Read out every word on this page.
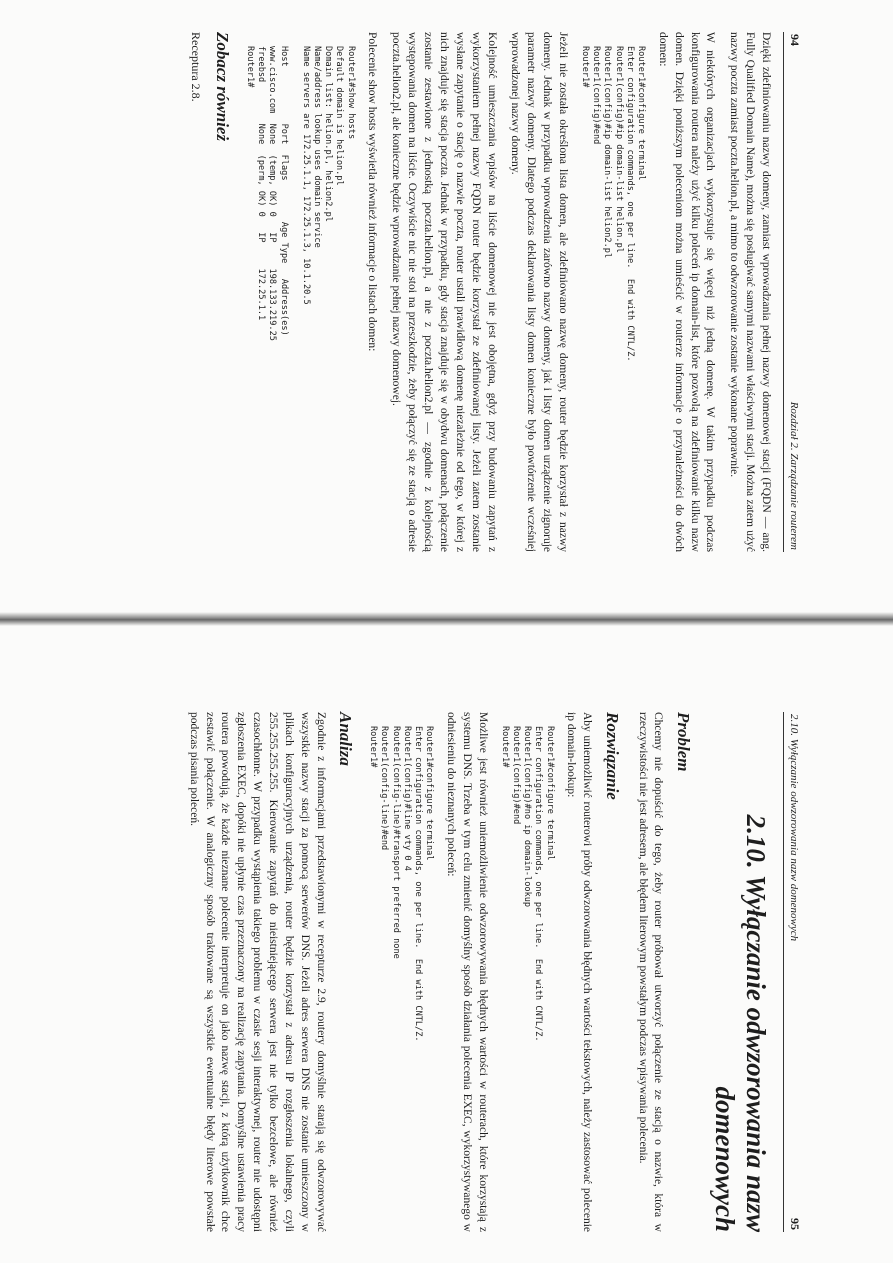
94
Rozdział 2. Zarządzanie routerem

Dzięki zdefiniowaniu nazwy domeny, zamiast wprowadzania pełnej nazwy domenowej stacji (FQDN — ang. Fully Qualified Domain Name), można się posługiwać samymi nazwami właściwymi stacji. Można zatem użyć nazwy poczta zamiast poczta.helion.pl, a mimo to odwzorowanie zostanie wykonane poprawnie.

W niektórych organizacjach wykorzystuje się więcej niż jedną domenę. W takim przypadku podczas konfigurowania routera należy użyć kilku poleceń ip domain-list, które pozwolą na zdefiniowanie kilku nazw domen. Dzięki poniższym poleceniom można umieścić w routerze informacje o przynależności do dwóch domen:

Router1#configure terminal
Enter configuration commands, one per line.  End with CNTL/Z.
Router1(config)#ip domain-list helion.pl
Router1(config)#ip domain-list helion2.pl
Router1(config)#end
Router1#

Jeżeli nie została określona lista domen, ale zdefiniowano nazwę domeny, router będzie korzystał z nazwy domeny. Jednak w przypadku wprowadzenia zarówno nazwy domeny, jak i listy domen urządzenie zignoruje parametr nazwy domeny. Dlatego podczas deklarowania listy domen konieczne było powtórzenie wcześniej wprowadzonej nazwy domeny.

Kolejność umieszczania wpisów na liście domenowej nie jest obojętna, gdyż przy budowaniu zapytań z wykorzystaniem pełnej nazwy FQDN router będzie korzystał ze zdefiniowanej listy. Jeżeli zatem zostanie wysłane zapytanie o stację o nazwie poczta, router ustali prawidłową domenę niezależnie od tego, w której z nich znajduje się stacja poczta. Jednak w przypadku, gdy stacja znajduje się w obydwu domenach, połączenie zostanie zestawione z jednostką poczta.helion.pl, a nie z poczta.helion2.pl — zgodnie z kolejnością występowania domen na liście. Oczywiście nic nie stoi na przeszkodzie, żeby połączyć się ze stacją o adresie poczta.helion2.pl, ale konieczne będzie wprowadzanie pełnej nazwy domenowej.

Polecenie show hosts wyświetla również informacje o listach domen:

Router1#show hosts
Default domain is helion.pl
Domain list: helion.pl, helion2.pl
Name/address lookup uses domain service
Name servers are 172.25.1.1, 172.25.1.3, 10.1.20.5

Host           Port  Flags        Age Type   Address(es)
www.cisco.com  None  (temp, OK) 0   IP     198.133.219.25
freebsd        None  (perm, OK) 0   IP     172.25.1.1
Router1#
Zobacz również
Receptura 2.8.
2.10. Wyłączanie odwzorowania nazw domenowych
95
2.10. Wyłączanie odwzorowania nazw domenowych
Problem

Chcemy nie dopuścić do tego, żeby router próbował utworzyć połączenie ze stacją o nazwie, która w rzeczywistości nie jest adresem, ale błędem literowym powstałym podczas wpisywania polecenia.

Rozwiązanie

Aby uniemożliwić routerowi próby odwzorowania błędnych wartości tekstowych, należy zastosować polecenie ip domain-lookup:

Router1#configure terminal
Enter configuration commands, one per line.  End with CNTL/Z.
Router1(config)#no ip domain-lookup
Router1(config)#end
Router1#

Możliwe jest również uniemożliwienie odwzorowywania błędnych wartości w routerach, które korzystają z systemu DNS. Trzeba w tym celu zmienić domyślny sposób działania polecenia EXEC, wykorzystywanego w odniesieniu do nieznanych poleceń:

Router1#configure terminal
Enter configuration commands, one per line.  End with CNTL/Z.
Router1(config)#line vty 0 4
Router1(config-line)#transport preferred none
Router1(config-line)#end
Router1#
Analiza

Zgodnie z informacjami przedstawionymi w recepturze 2.9, routery domyślnie starają się odwzorowywać wszystkie nazwy stacji za pomocą serwerów DNS. Jeżeli adres serwera DNS nie zostanie umieszczony w plikach konfiguracyjnych urządzenia, router będzie korzystał z adresu IP rozgłoszenia lokalnego, czyli 255.255.255.255. Kierowanie zapytań do nieistniejącego serwera jest nie tylko bezcelowe, ale również czasochłonne. W przypadku wystąpienia takiego problemu w czasie sesji interaktywnej, router nie udostępni zgłoszenia EXEC, dopóki nie upłynie czas przeznaczony na realizację zapytania. Domyślne ustawienia pracy routera powodują, że każde nieznane polecenie interpretuje on jako nazwę stacji, z którą użytkownik chce zestawić połączenie. W analogiczny sposób traktowane są wszystkie ewentualne błędy literowe powstałe podczas pisania poleceń.
